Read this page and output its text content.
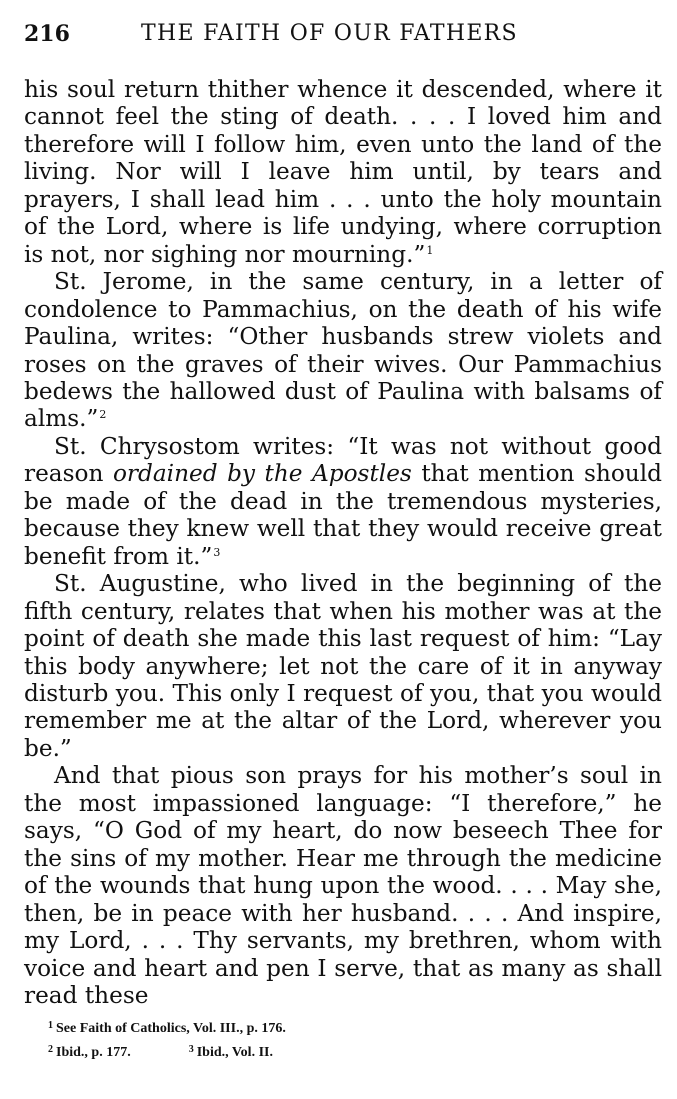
216	THE FAITH OF OUR FATHERS

his soul return thither whence it descended, where it cannot feel the sting of death. . . . I loved him and therefore will I follow him, even unto the land of the living. Nor will I leave him until, by tears and prayers, I shall lead him . . . unto the holy mountain of the Lord, where is life undying, where corruption is not, nor sighing nor mourning.”$^1$

St. Jerome, in the same century, in a letter of condolence to Pammachius, on the death of his wife Paulina, writes: “Other husbands strew violets and roses on the graves of their wives. Our Pammachius bedews the hallowed dust of Paulina with balsams of alms.”$^2$

St. Chrysostom writes: “It was not without good reason ordained by the Apostles that mention should be made of the dead in the tremendous mysteries, because they knew well that they would receive great benefit from it.”$^3$

St. Augustine, who lived in the beginning of the fifth century, relates that when his mother was at the point of death she made this last request of him: “Lay this body anywhere; let not the care of it in anyway disturb you. This only I request of you, that you would remember me at the altar of the Lord, wherever you be.”

And that pious son prays for his mother’s soul in the most impassioned language: “I therefore,” he says, “O God of my heart, do now beseech Thee for the sins of my mother. Hear me through the medicine of the wounds that hung upon the wood. . . . May she, then, be in peace with her husband. . . . And inspire, my Lord, . . . Thy servants, my brethren, whom with voice and heart and pen I serve, that as many as shall read these

$^1$ See Faith of Catholics, Vol. III., p. 176.
$^2$ Ibid., p. 177.	$^3$ Ibid., Vol. II.
